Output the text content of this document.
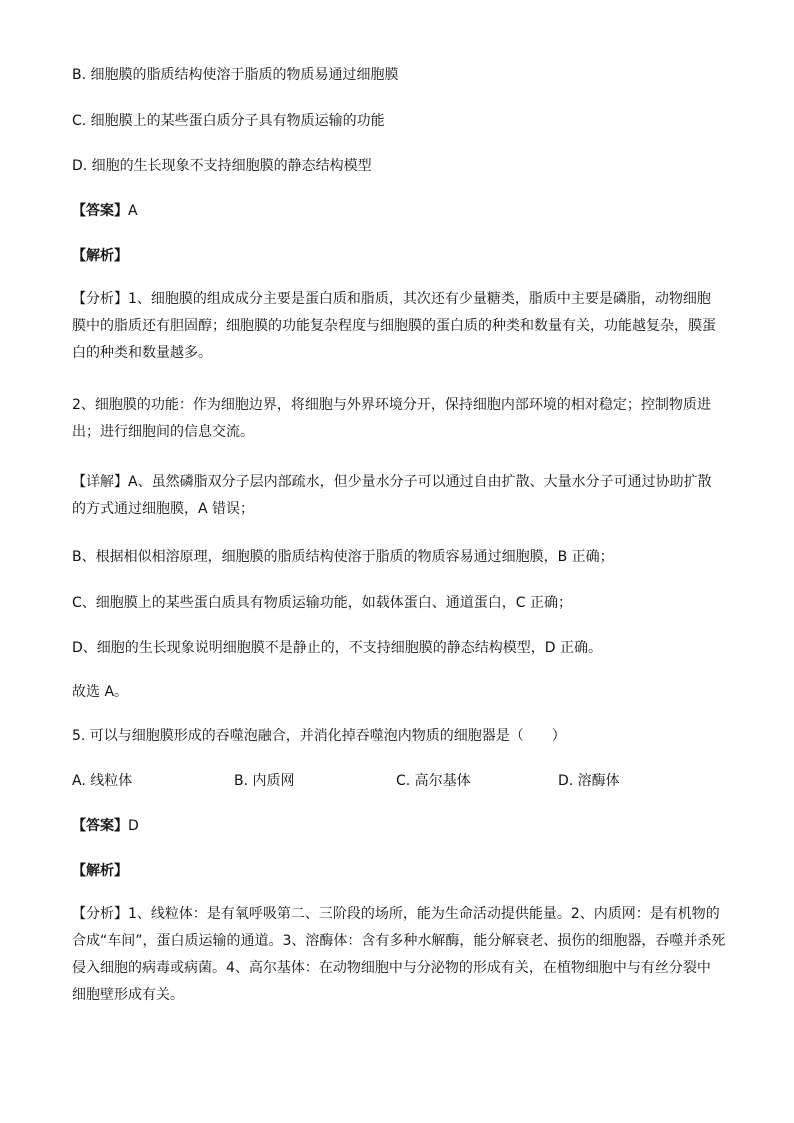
B. 细胞膜的脂质结构使溶于脂质的物质易通过细胞膜
C. 细胞膜上的某些蛋白质分子具有物质运输的功能
D. 细胞的生长现象不支持细胞膜的静态结构模型
【答案】A
【解析】
【分析】1、细胞膜的组成成分主要是蛋白质和脂质，其次还有少量糖类，脂质中主要是磷脂，动物细胞
膜中的脂质还有胆固醇；细胞膜的功能复杂程度与细胞膜的蛋白质的种类和数量有关，功能越复杂，膜蛋
白的种类和数量越多。
2、细胞膜的功能：作为细胞边界，将细胞与外界环境分开，保持细胞内部环境的相对稳定；控制物质进
出；进行细胞间的信息交流。
【详解】A、虽然磷脂双分子层内部疏水，但少量水分子可以通过自由扩散、大量水分子可通过协助扩散
的方式通过细胞膜，A 错误；
B、根据相似相溶原理，细胞膜的脂质结构使溶于脂质的物质容易通过细胞膜，B 正确；
C、细胞膜上的某些蛋白质具有物质运输功能，如载体蛋白、通道蛋白，C 正确；
D、细胞的生长现象说明细胞膜不是静止的，不支持细胞膜的静态结构模型，D 正确。
故选 A。
5. 可以与细胞膜形成的吞噬泡融合，并消化掉吞噬泡内物质的细胞器是（　　）
A. 线粒体	B. 内质网	C. 高尔基体	D. 溶酶体
【答案】D
【解析】
【分析】1、线粒体：是有氧呼吸第二、三阶段的场所，能为生命活动提供能量。2、内质网：是有机物的
合成“车间”，蛋白质运输的通道。3、溶酶体：含有多种水解酶，能分解衰老、损伤的细胞器，吞噬并杀死
侵入细胞的病毒或病菌。4、高尔基体：在动物细胞中与分泌物的形成有关，在植物细胞中与有丝分裂中
细胞壁形成有关。
